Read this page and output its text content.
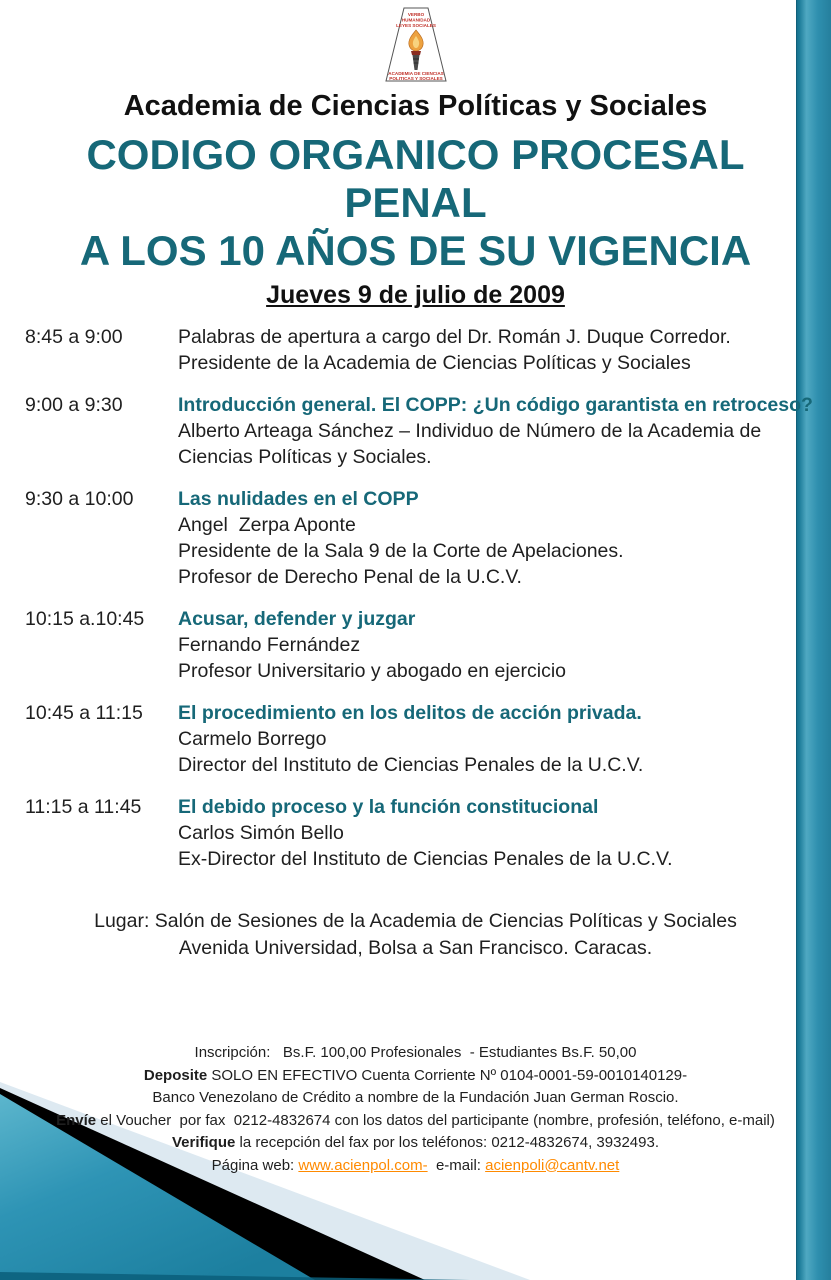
VERBO
HUMANIDAD
LEYES SOCIALES
ACADEMIA DE CIENCIAS
POLITICAS Y SOCIALES
Academia de Ciencias Políticas y Sociales
CODIGO ORGANICO PROCESAL
PENAL
A LOS 10 AÑOS DE SU VIGENCIA
Jueves 9 de julio de 2009
8:45 a 9:00	Palabras de apertura a cargo del Dr. Román J. Duque Corredor.
Presidente de la Academia de Ciencias Políticas y Sociales
9:00 a 9:30	Introducción general. El COPP: ¿Un código garantista en retroceso?
Alberto Arteaga Sánchez – Individuo de Número de la Academia de
Ciencias Políticas y Sociales.
9:30 a 10:00	Las nulidades en el COPP
Angel  Zerpa Aponte
Presidente de la Sala 9 de la Corte de Apelaciones.
Profesor de Derecho Penal de la U.C.V.
10:15 a.10:45	Acusar, defender y juzgar
Fernando Fernández
Profesor Universitario y abogado en ejercicio
10:45 a 11:15	El procedimiento en los delitos de acción privada.
Carmelo Borrego
Director del Instituto de Ciencias Penales de la U.C.V.
11:15 a 11:45	El debido proceso y la función constitucional
Carlos Simón Bello
Ex-Director del Instituto de Ciencias Penales de la U.C.V.
Lugar: Salón de Sesiones de la Academia de Ciencias Políticas y Sociales
Avenida Universidad, Bolsa a San Francisco. Caracas.
Inscripción:   Bs.F. 100,00 Profesionales  - Estudiantes Bs.F. 50,00
Deposite SOLO EN EFECTIVO Cuenta Corriente Nº 0104-0001-59-0010140129-
Banco Venezolano de Crédito a nombre de la Fundación Juan German Roscio.
Envíe el Voucher  por fax  0212-4832674 con los datos del participante (nombre, profesión, teléfono, e-mail)
Verifique la recepción del fax por los teléfonos: 0212-4832674, 3932493.
Página web: www.acienpol.com-  e-mail: acienpoli@cantv.net
